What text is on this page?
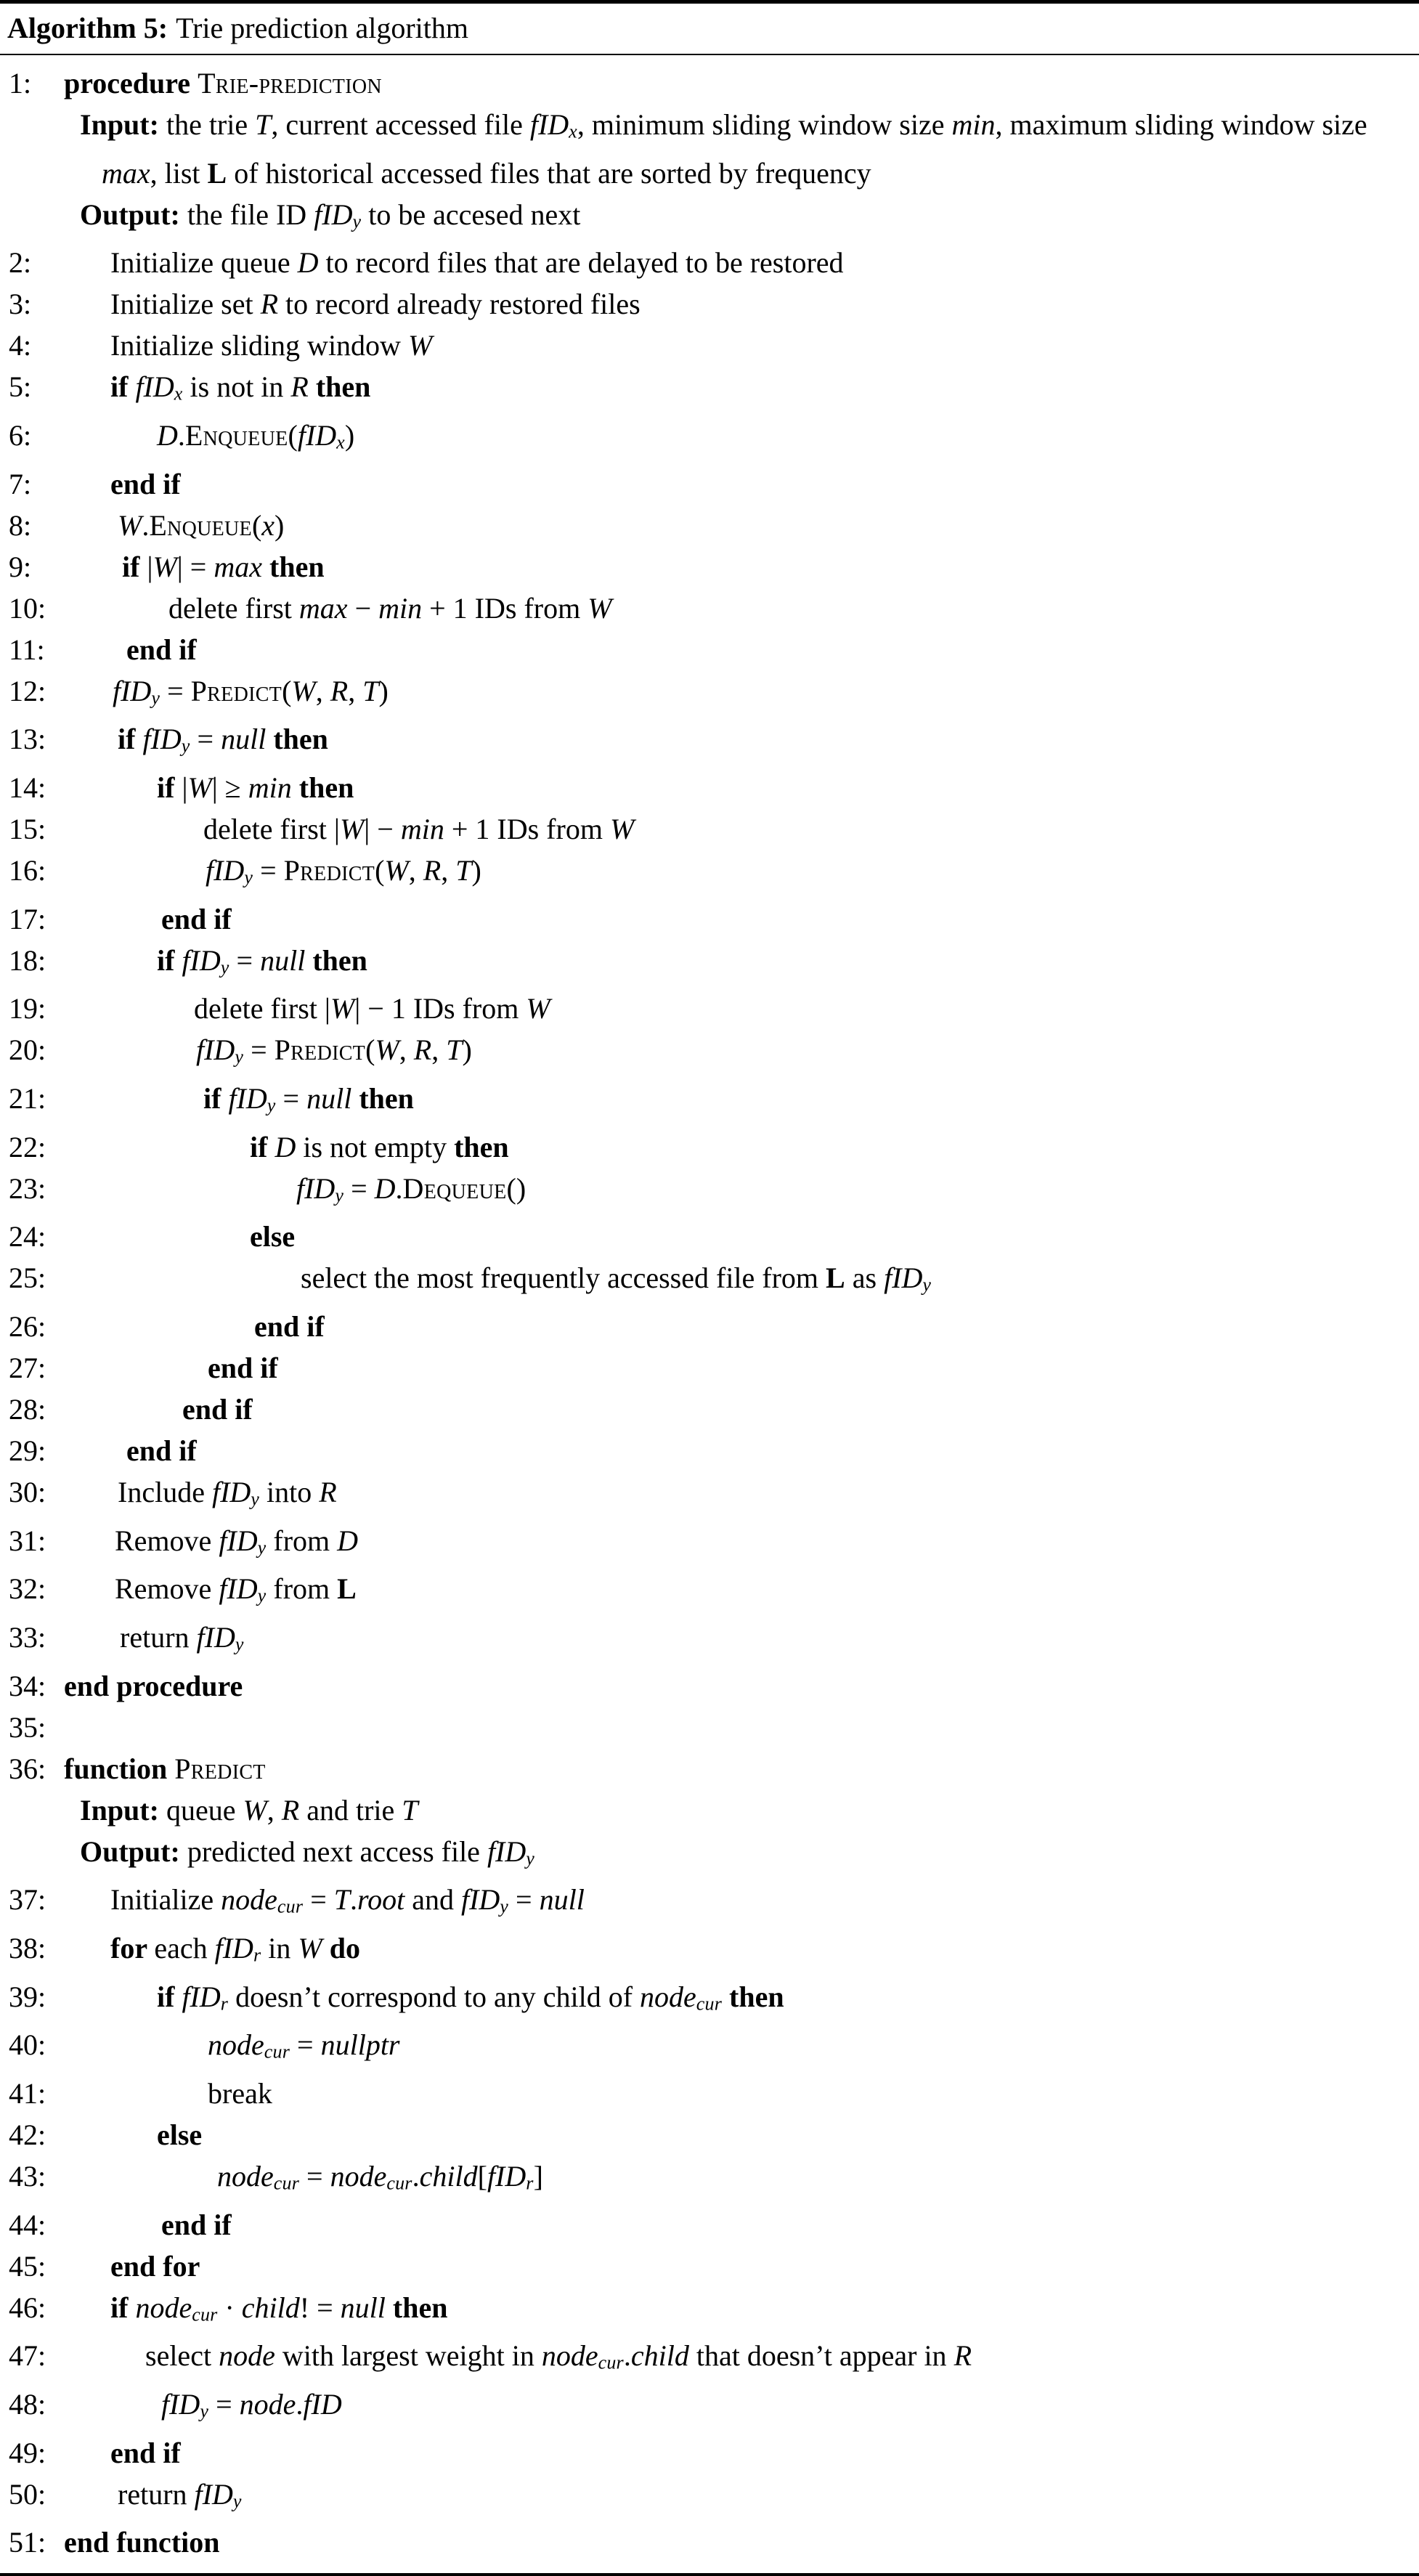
Algorithm 5: Trie prediction algorithm
1:	procedure Trie-prediction
Input: the trie T, current accessed file fIDx, minimum sliding window size min, maximum sliding window size max, list L of historical accessed files that are sorted by frequency
Output: the file ID fIDy to be accesed next
2:	Initialize queue D to record files that are delayed to be restored
3:	Initialize set R to record already restored files
4:	Initialize sliding window W
5:	if fIDx is not in R then
6:	D.Enqueue(fIDx)
7:	end if
8:	W.Enqueue(x)
9:	if |W| = max then
10:	delete first max − min + 1 IDs from W
11:	end if
12:	fIDy = Predict(W, R, T)
13:	if fIDy = null then
14:	if |W| ≥ min then
15:	delete first |W| − min + 1 IDs from W
16:	fIDy = Predict(W, R, T)
17:	end if
18:	if fIDy = null then
19:	delete first |W| − 1 IDs from W
20:	fIDy = Predict(W, R, T)
21:	if fIDy = null then
22:	if D is not empty then
23:	fIDy = D.Dequeue()
24:	else
25:	select the most frequently accessed file from L as fIDy
26:	end if
27:	end if
28:	end if
29:	end if
30:	Include fIDy into R
31:	Remove fIDy from D
32:	Remove fIDy from L
33:	return fIDy
34: end procedure
35:
36: function Predict
Input: queue W, R and trie T
Output: predicted next access file fIDy
37:	Initialize nodecur = T.root and fIDy = null
38:	for each fIDr in W do
39:	if fIDr doesn’t correspond to any child of nodecur then
40:	nodecur = nullptr
41:	break
42:	else
43:	nodecur = nodecur.child[fIDr]
44:	end if
45:	end for
46:	if nodecur · child! = null then
47:	select node with largest weight in nodecur.child that doesn’t appear in R
48:	fIDy = node.fID
49:	end if
50:	return fIDy
51: end function
